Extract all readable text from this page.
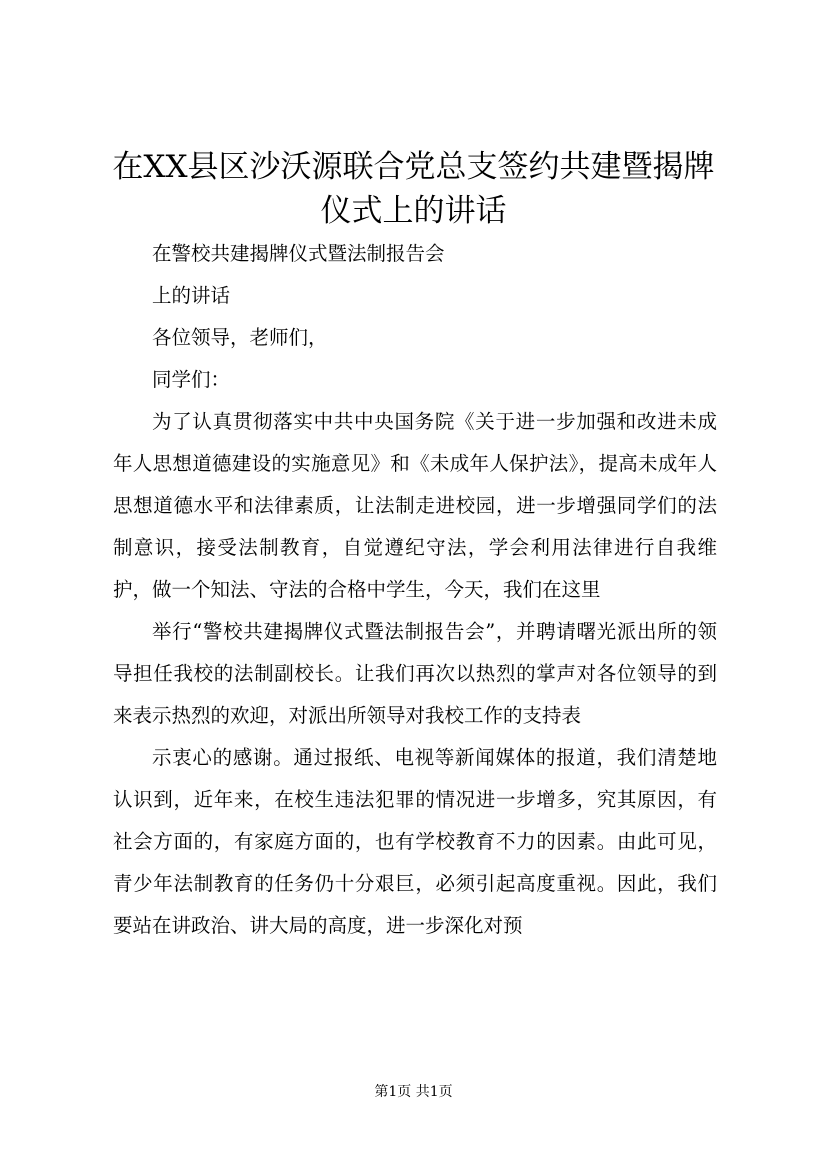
在XX县区沙沃源联合党总支签约共建暨揭牌
仪式上的讲话

在警校共建揭牌仪式暨法制报告会

上的讲话

各位领导，老师们，

同学们：

为了认真贯彻落实中共中央国务院《关于进一步加强和改进未成年人思想道德建设的实施意见》和《未成年人保护法》，提高未成年人思想道德水平和法律素质，让法制走进校园，进一步增强同学们的法制意识，接受法制教育，自觉遵纪守法，学会利用法律进行自我维护，做一个知法、守法的合格中学生，今天，我们在这里

举行“警校共建揭牌仪式暨法制报告会”，并聘请曙光派出所的领导担任我校的法制副校长。让我们再次以热烈的掌声对各位领导的到来表示热烈的欢迎，对派出所领导对我校工作的支持表

示衷心的感谢。通过报纸、电视等新闻媒体的报道，我们清楚地认识到，近年来，在校生违法犯罪的情况进一步增多，究其原因，有社会方面的，有家庭方面的，也有学校教育不力的因素。由此可见，青少年法制教育的任务仍十分艰巨，必须引起高度重视。因此，我们要站在讲政治、讲大局的高度，进一步深化对预

第1页 共1页
